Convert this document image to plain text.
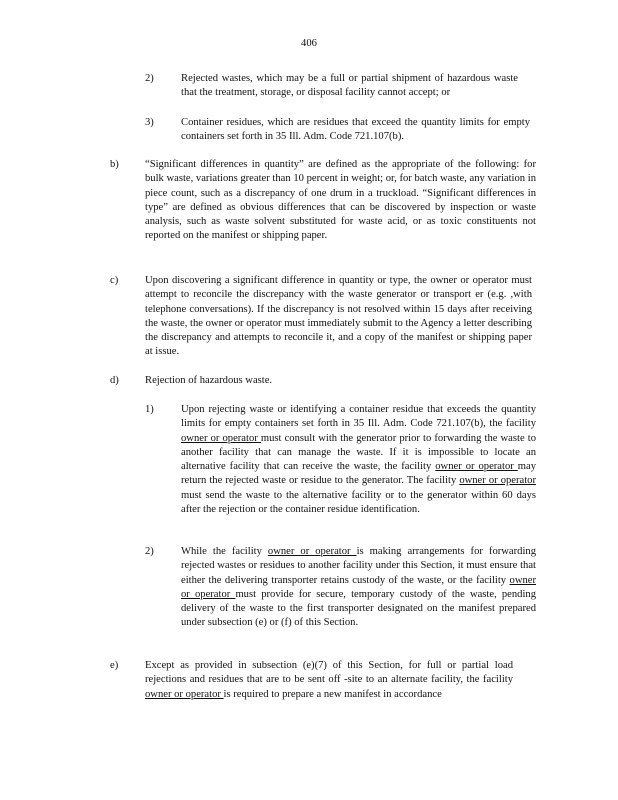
406
2)	Rejected wastes, which may be a full or partial shipment of hazardous waste that the treatment, storage, or disposal facility cannot accept; or
3)	Container residues, which are residues that exceed the quantity limits for empty containers set forth in 35 Ill. Adm. Code 721.107(b).
b) “Significant differences in quantity” are defined as the appropriate of the following: for bulk waste, variations greater than 10 percent in weight; or, for batch waste, any variation in piece count, such as a discrepancy of one drum in a truckload. “Significant differences in type” are defined as obvious differences that can be discovered by inspection or waste analysis, such as waste solvent substituted for waste acid, or as toxic constituents not reported on the manifest or shipping paper.
c)	Upon discovering a significant difference in quantity or type, the owner or operator must attempt to reconcile the discrepancy with the waste generator or transport er (e.g. ,with telephone conversations). If the discrepancy is not resolved within 15 days after receiving the waste, the owner or operator must immediately submit to the Agency a letter describing the discrepancy and attempts to reconcile it, and a copy of the manifest or shipping paper at issue.
d) Rejection of hazardous waste.
1)	Upon rejecting waste or identifying a container residue that exceeds the quantity limits for empty containers set forth in 35 Ill. Adm. Code 721.107(b), the facility owner or operator must consult with the generator prior to forwarding the waste to another facility that can manage the waste. If it is impossible to locate an alternative facility that can receive the waste, the facility owner or operator may return the rejected waste or residue to the generator. The facility owner or operator must send the waste to the alternative facility or to the generator within 60 days after the rejection or the container residue identification.
2)	While the facility owner or operator is making arrangements for forwarding rejected wastes or residues to another facility under this Section, it must ensure that either the delivering transporter retains custody of the waste, or the facility owner or operator must provide for secure, temporary custody of the waste, pending delivery of the waste to the first transporter designated on the manifest prepared under subsection (e) or (f) of this Section.
e)	Except as provided in subsection (e)(7) of this Section, for full or partial load rejections and residues that are to be sent off -site to an alternate facility, the facility owner or operator is required to prepare a new manifest in accordance
